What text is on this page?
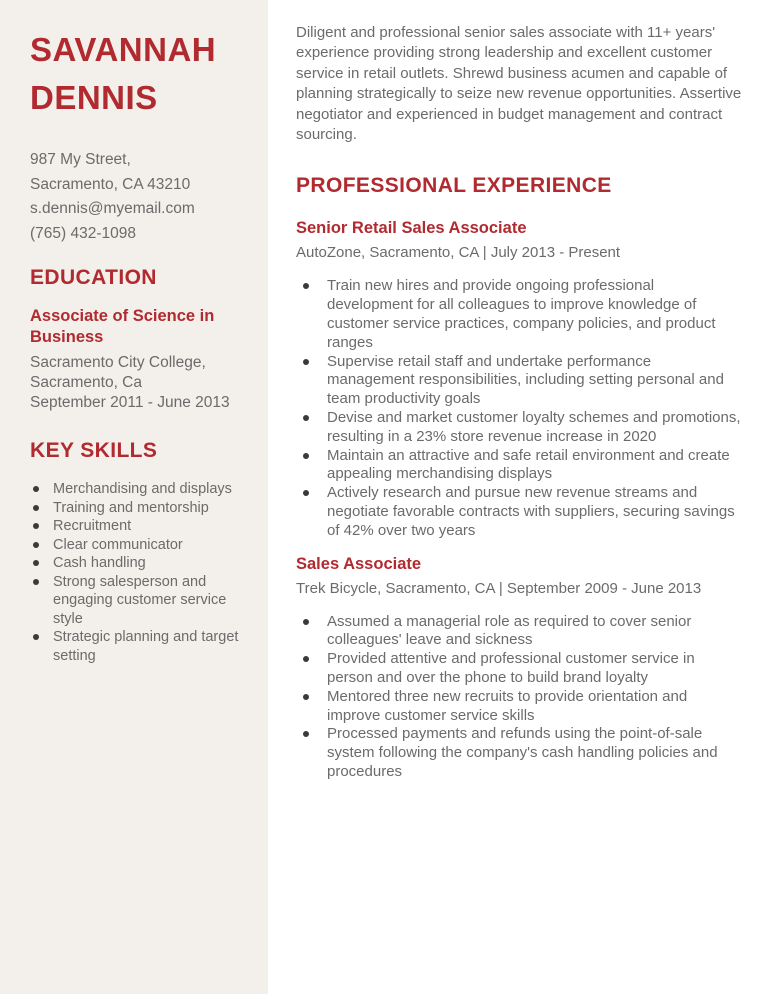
SAVANNAH
DENNIS
987 My Street,
Sacramento, CA 43210
s.dennis@myemail.com
(765) 432-1098
EDUCATION
Associate of Science in Business
Sacramento City College,
Sacramento, Ca
September 2011 - June 2013
KEY SKILLS
Merchandising and displays
Training and mentorship
Recruitment
Clear communicator
Cash handling
Strong salesperson and engaging customer service style
Strategic planning and target setting

Diligent and professional senior sales associate with 11+ years' experience providing strong leadership and excellent customer service in retail outlets. Shrewd business acumen and capable of planning strategically to seize new revenue opportunities. Assertive negotiator and experienced in budget management and contract sourcing.

PROFESSIONAL EXPERIENCE
Senior Retail Sales Associate
AutoZone, Sacramento, CA | July 2013 - Present
Train new hires and provide ongoing professional development for all colleagues to improve knowledge of customer service practices, company policies, and product ranges
Supervise retail staff and undertake performance management responsibilities, including setting personal and team productivity goals
Devise and market customer loyalty schemes and promotions, resulting in a 23% store revenue increase in 2020
Maintain an attractive and safe retail environment and create appealing merchandising displays
Actively research and pursue new revenue streams and negotiate favorable contracts with suppliers, securing savings of 42% over two years
Sales Associate
Trek Bicycle, Sacramento, CA | September 2009 - June 2013
Assumed a managerial role as required to cover senior colleagues' leave and sickness
Provided attentive and professional customer service in person and over the phone to build brand loyalty
Mentored three new recruits to provide orientation and improve customer service skills
Processed payments and refunds using the point-of-sale system following the company's cash handling policies and procedures
